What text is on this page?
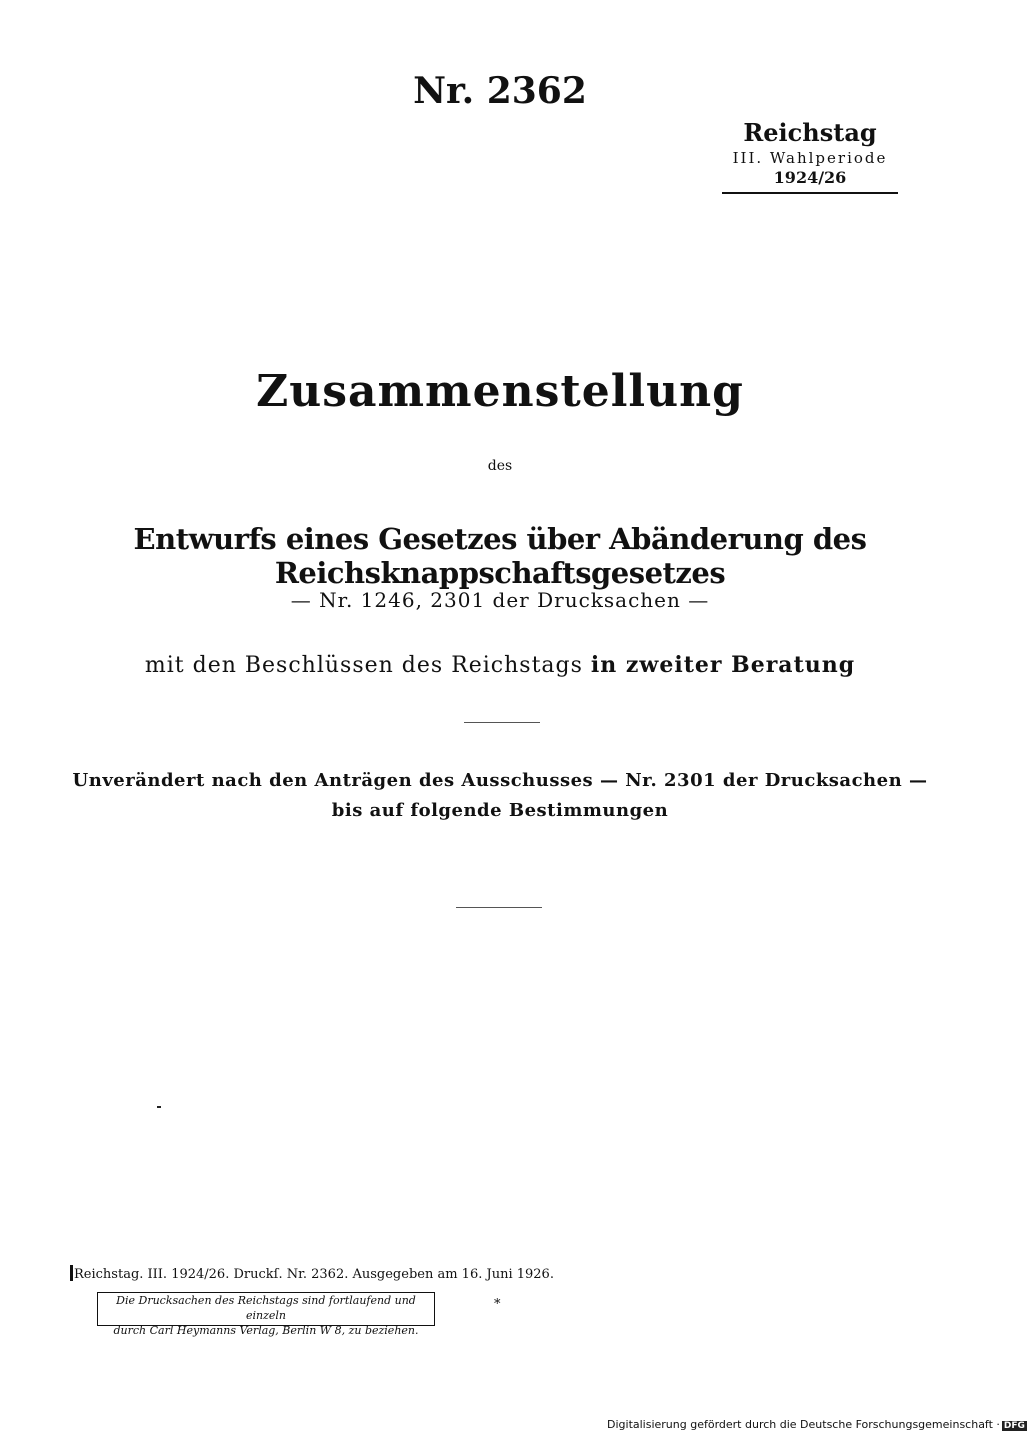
Nr. 2362
Reichstag
III. Wahlperiode
1924/26
Zusammenstellung
des
Entwurfs eines Gesetzes über Abänderung des Reichsknappschaftsgesetzes
— Nr. 1246, 2301 der Drucksachen —
mit den Beschlüssen des Reichstags in zweiter Beratung
Unverändert nach den Anträgen des Ausschusses — Nr. 2301 der Drucksachen —
bis auf folgende Bestimmungen
Reichstag. III. 1924/26. Druckſ. Nr. 2362. Ausgegeben am 16. Juni 1926.
Die Drucksachen des Reichstags sind fortlaufend und einzeln
durch Carl Heymanns Verlag, Berlin W 8, zu beziehen.
*
Digitalisierung gefördert durch die Deutsche Forschungsgemeinschaft · DFG
